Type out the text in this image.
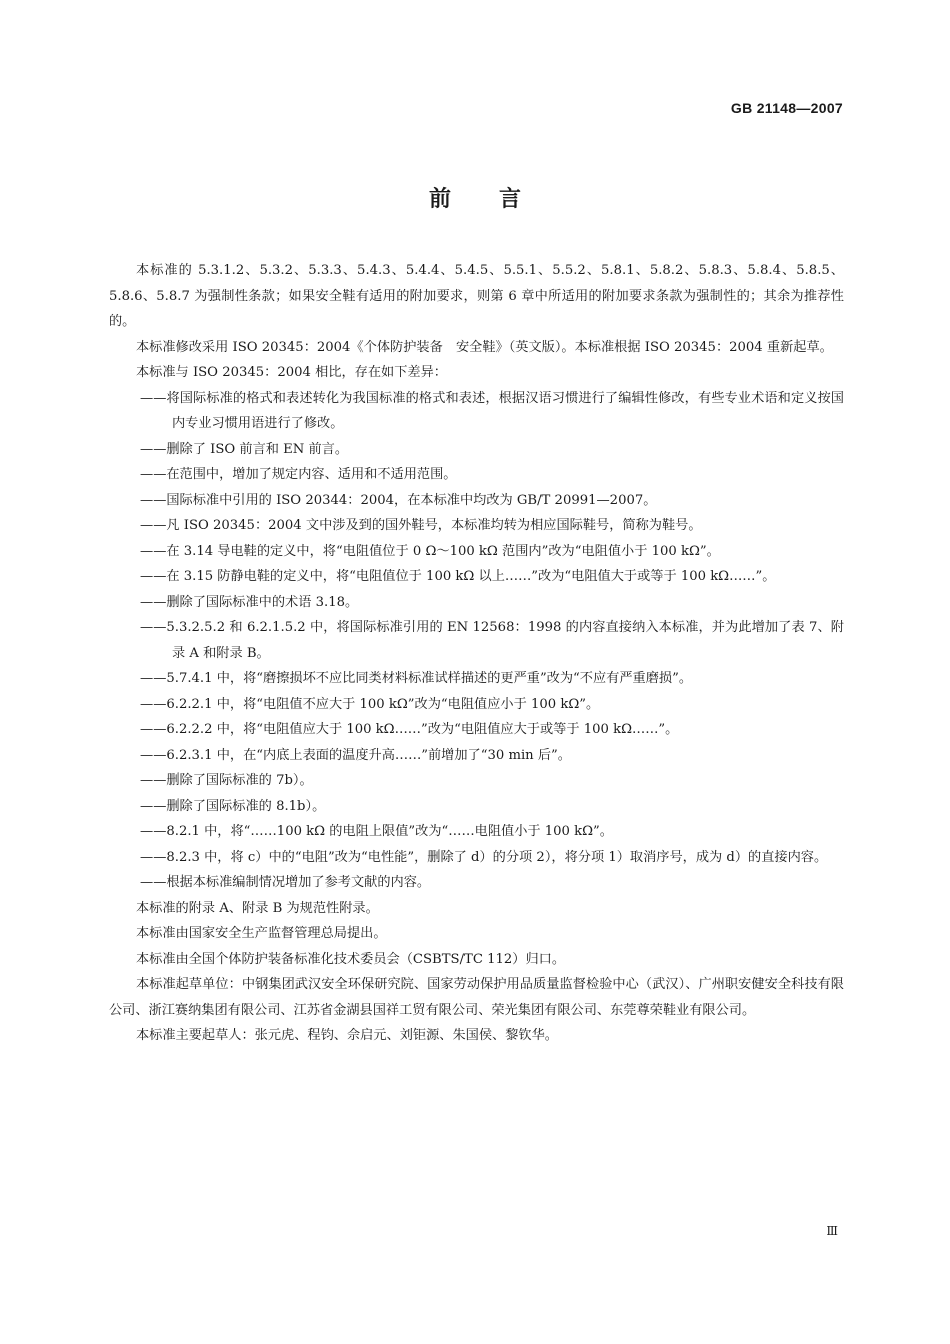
GB 21148—2007
前言

本标准的 5.3.1.2、5.3.2、5.3.3、5.4.3、5.4.4、5.4.5、5.5.1、5.5.2、5.8.1、5.8.2、5.8.3、5.8.4、5.8.5、5.8.6、5.8.7 为强制性条款；如果安全鞋有适用的附加要求，则第 6 章中所适用的附加要求条款为强制性的；其余为推荐性的。

本标准修改采用 ISO 20345：2004《个体防护装备　安全鞋》（英文版）。本标准根据 ISO 20345：2004 重新起草。

本标准与 ISO 20345：2004 相比，存在如下差异：

——将国际标准的格式和表述转化为我国标准的格式和表述，根据汉语习惯进行了编辑性修改，有些专业术语和定义按国内专业习惯用语进行了修改。

——删除了 ISO 前言和 EN 前言。

——在范围中，增加了规定内容、适用和不适用范围。

——国际标准中引用的 ISO 20344：2004，在本标准中均改为 GB/T 20991—2007。

——凡 ISO 20345：2004 文中涉及到的国外鞋号，本标准均转为相应国际鞋号，简称为鞋号。

——在 3.14 导电鞋的定义中，将“电阻值位于 0 Ω～100 kΩ 范围内”改为“电阻值小于 100 kΩ”。

——在 3.15 防静电鞋的定义中，将“电阻值位于 100 kΩ 以上……”改为“电阻值大于或等于 100 kΩ……”。

——删除了国际标准中的术语 3.18。

——5.3.2.5.2 和 6.2.1.5.2 中，将国际标准引用的 EN 12568：1998 的内容直接纳入本标准，并为此增加了表 7、附录 A 和附录 B。

——5.7.4.1 中，将“磨擦损坏不应比同类材料标准试样描述的更严重”改为“不应有严重磨损”。

——6.2.2.1 中，将“电阻值不应大于 100 kΩ”改为“电阻值应小于 100 kΩ”。

——6.2.2.2 中，将“电阻值应大于 100 kΩ……”改为“电阻值应大于或等于 100 kΩ……”。

——6.2.3.1 中，在“内底上表面的温度升高……”前增加了“30 min 后”。

——删除了国际标准的 7b）。

——删除了国际标准的 8.1b）。

——8.2.1 中，将“……100 kΩ 的电阻上限值”改为“……电阻值小于 100 kΩ”。

——8.2.3 中，将 c）中的“电阻”改为“电性能”，删除了 d）的分项 2），将分项 1）取消序号，成为 d）的直接内容。

——根据本标准编制情况增加了参考文献的内容。

本标准的附录 A、附录 B 为规范性附录。

本标准由国家安全生产监督管理总局提出。

本标准由全国个体防护装备标准化技术委员会（CSBTS/TC 112）归口。

本标准起草单位：中钢集团武汉安全环保研究院、国家劳动保护用品质量监督检验中心（武汉）、广州职安健安全科技有限公司、浙江赛纳集团有限公司、江苏省金湖县国祥工贸有限公司、荣光集团有限公司、东莞尊荣鞋业有限公司。

本标准主要起草人：张元虎、程钧、佘启元、刘钜源、朱国侯、黎钦华。

Ⅲ
